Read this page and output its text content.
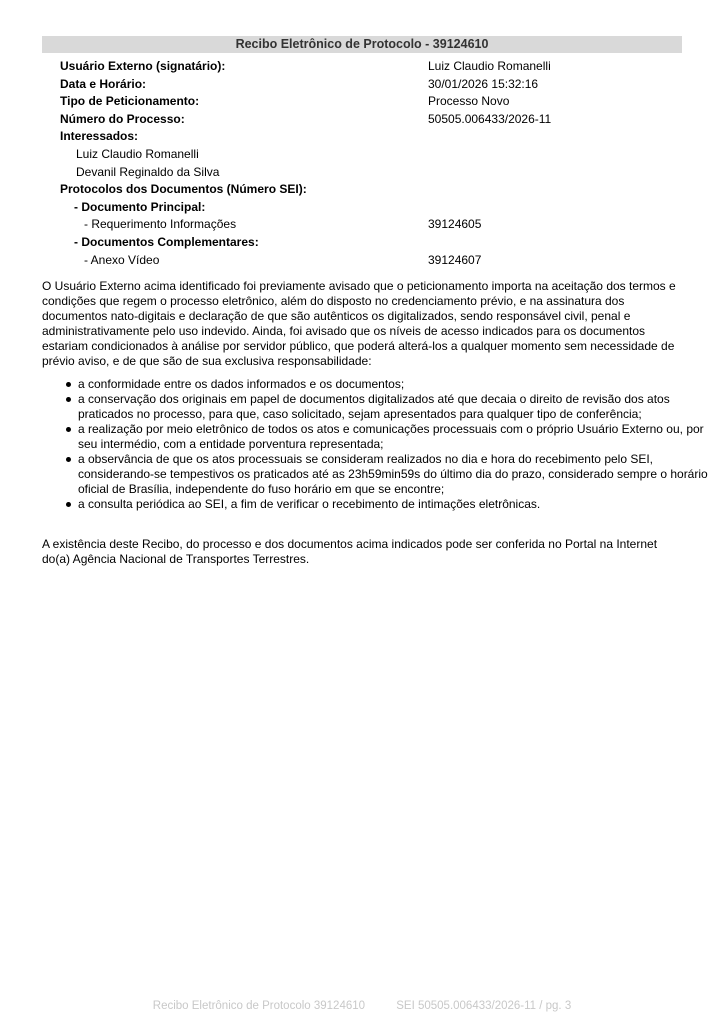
Recibo Eletrônico de Protocolo - 39124610
Usuário Externo (signatário):	Luiz Claudio Romanelli
Data e Horário:	30/01/2026 15:32:16
Tipo de Peticionamento:	Processo Novo
Número do Processo:	50505.006433/2026-11
Interessados:
Luiz Claudio Romanelli
Devanil Reginaldo da Silva
Protocolos dos Documentos (Número SEI):
- Documento Principal:
- Requerimento Informações	39124605
- Documentos Complementares:
- Anexo Vídeo	39124607

O Usuário Externo acima identificado foi previamente avisado que o peticionamento importa na aceitação dos termos e condições que regem o processo eletrônico, além do disposto no credenciamento prévio, e na assinatura dos documentos nato-digitais e declaração de que são autênticos os digitalizados, sendo responsável civil, penal e administrativamente pelo uso indevido. Ainda, foi avisado que os níveis de acesso indicados para os documentos estariam condicionados à análise por servidor público, que poderá alterá-los a qualquer momento sem necessidade de prévio aviso, e de que são de sua exclusiva responsabilidade:

a conformidade entre os dados informados e os documentos;
a conservação dos originais em papel de documentos digitalizados até que decaia o direito de revisão dos atos praticados no processo, para que, caso solicitado, sejam apresentados para qualquer tipo de conferência;
a realização por meio eletrônico de todos os atos e comunicações processuais com o próprio Usuário Externo ou, por seu intermédio, com a entidade porventura representada;
a observância de que os atos processuais se consideram realizados no dia e hora do recebimento pelo SEI, considerando-se tempestivos os praticados até as 23h59min59s do último dia do prazo, considerado sempre o horário oficial de Brasília, independente do fuso horário em que se encontre;
a consulta periódica ao SEI, a fim de verificar o recebimento de intimações eletrônicas.

A existência deste Recibo, do processo e dos documentos acima indicados pode ser conferida no Portal na Internet do(a) Agência Nacional de Transportes Terrestres.

Recibo Eletrônico de Protocolo 39124610	SEI 50505.006433/2026-11 / pg. 3
